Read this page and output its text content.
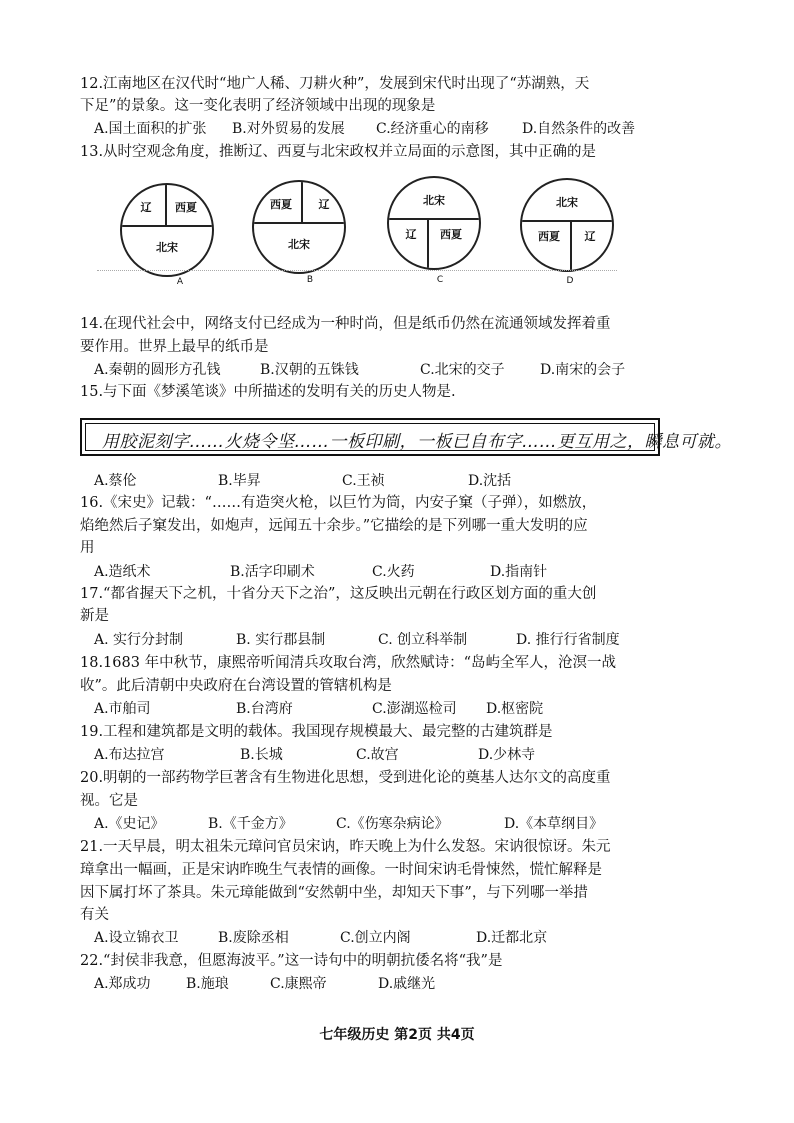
12.江南地区在汉代时“地广人稀、刀耕火种”，发展到宋代时出现了“苏湖熟，天
下足”的景象。这一变化表明了经济领域中出现的现象是
A.国土面积的扩张 B.对外贸易的发展 C.经济重心的南移 D.自然条件的改善
13.从时空观念角度，推断辽、西夏与北宋政权并立局面的示意图，其中正确的是
辽 西夏
北宋
A
西夏 辽
北宋
B
北宋
辽 西夏
C
北宋
西夏 辽
D
14.在现代社会中，网络支付已经成为一种时尚，但是纸币仍然在流通领域发挥着重
要作用。世界上最早的纸币是
A.秦朝的圆形方孔钱	B.汉朝的五铢钱	C.北宋的交子	D.南宋的会子
15.与下面《梦溪笔谈》中所描述的发明有关的历史人物是.
用胶泥刻字……火烧令坚……一板印刷，一板已自布字……更互用之，瞬息可就。
A.蔡伦	B.毕昇	C.王祯	D.沈括
16.《宋史》记载：“……有造突火枪，以巨竹为筒，内安子窠（子弹），如燃放，
焰绝然后子窠发出，如炮声，远闻五十余步。”它描绘的是下列哪一重大发明的应
用
A.造纸术	B.活字印刷术	C.火药	D.指南针
17.“都省握天下之机，十省分天下之治”，这反映出元朝在行政区划方面的重大创
新是
A. 实行分封制	B. 实行郡县制	C. 创立科举制	D. 推行行省制度
18.1683 年中秋节，康熙帝听闻清兵攻取台湾，欣然赋诗：“岛屿全军人，沧溟一战
收”。此后清朝中央政府在台湾设置的管辖机构是
A.市舶司	B.台湾府	C.澎湖巡检司 D.枢密院
19.工程和建筑都是文明的载体。我国现存规模最大、最完整的古建筑群是
A.布达拉宫	B.长城	C.故宫	D.少林寺
20.明朝的一部药物学巨著含有生物进化思想，受到进化论的奠基人达尔文的高度重
视。它是
A.《史记》	B.《千金方》	C.《伤寒杂病论》	D.《本草纲目》
21.一天早晨，明太祖朱元璋问官员宋讷，昨天晚上为什么发怒。宋讷很惊讶。朱元
璋拿出一幅画，正是宋讷昨晚生气表情的画像。一时间宋讷毛骨悚然，慌忙解释是
因下属打坏了茶具。朱元璋能做到“安然朝中坐，却知天下事”，与下列哪一举措
有关
A.设立锦衣卫	B.废除丞相	C.创立内阁	D.迁都北京
22.“封侯非我意，但愿海波平。”这一诗句中的明朝抗倭名将“我”是
A.郑成功	B.施琅	C.康熙帝	D.戚继光
七年级历史 第2页 共4页
